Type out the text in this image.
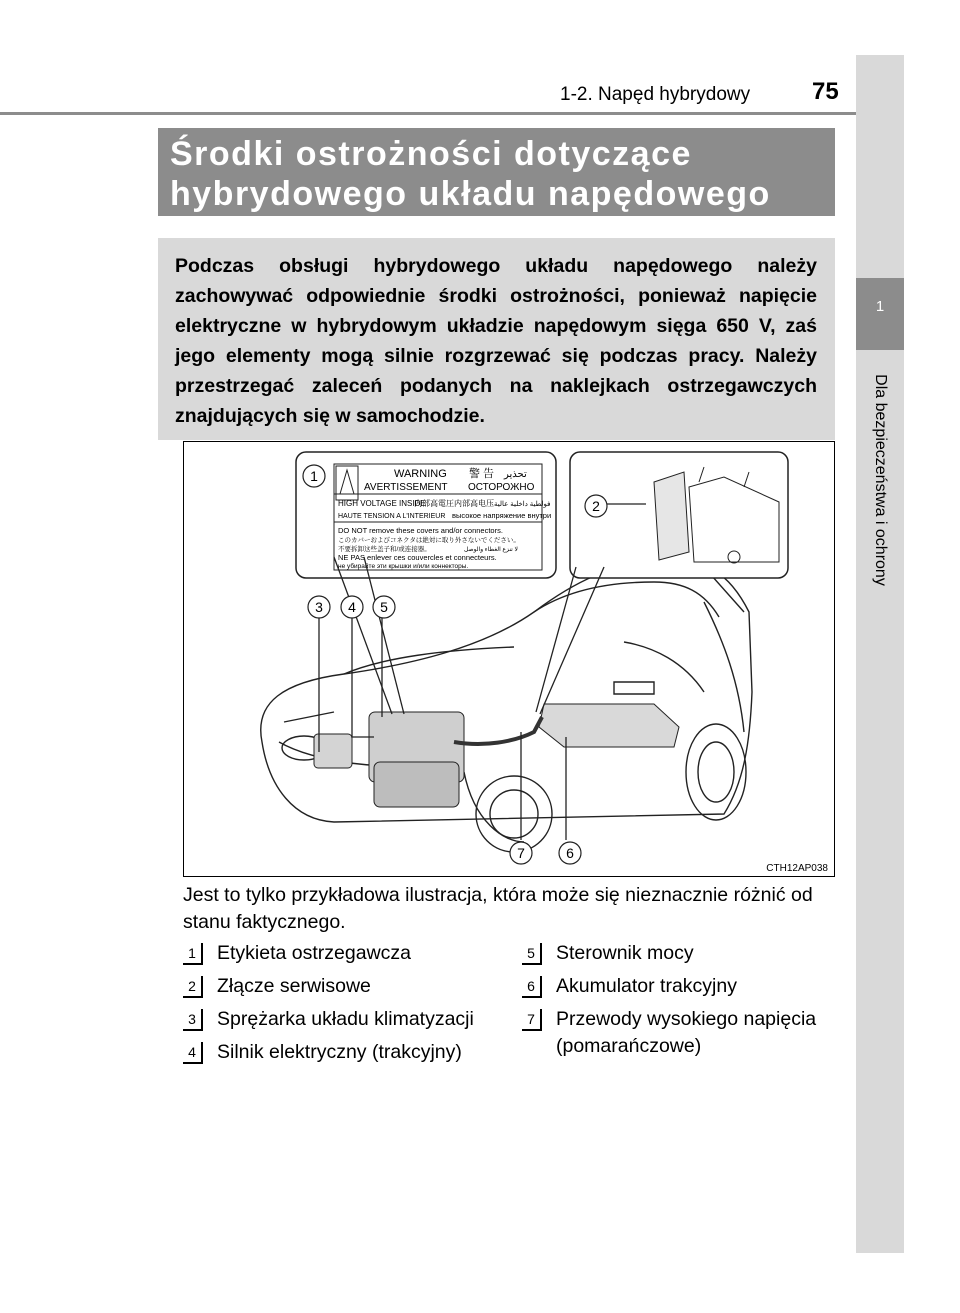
1
Dla bezpieczeństwa i ochrony
1-2. Napęd hybrydowy	75
Środki ostrożności dotyczące
hybrydowego układu napędowego
Podczas obsługi hybrydowego układu napędowego należy zachowywać odpowiednie środki ostrożności, ponieważ napięcie elektryczne w hybrydowym układzie napędowym sięga 650 V, zaś jego elementy mogą silnie rozgrzewać się podczas pracy. Należy przestrzegać zaleceń podanych na naklejkach ostrzegawczych znajdujących się w samochodzie.
WARNING 警 告 تحذير
AVERTISSEMENT ОСТОРОЖНО
HIGH VOLTAGE INSIDE
内部高電圧 内部高电压 فولطية داخلية عالية
HAUTE TENSION A L'INTERIEUR высокое напряжение внутри
DO NOT remove these covers and/or connectors.
このカバーおよびコネクタは絶対に取り外さないでください。
不要拆卸这些盖子和/或连接器。	لا تنزع الغطاء والوصل
NE PAS enlever ces couvercles et connecteurs.
не убирайте эти крышки и/или коннекторы.
1
2
3 4 5
6
7
CTH12AP038
Jest to tylko przykładowa ilustracja, która może się nieznacznie różnić od stanu faktycznego.
1	Etykieta ostrzegawcza
2	Złącze serwisowe
3	Sprężarka układu klimatyzacji
4	Silnik elektryczny (trakcyjny)
5	Sterownik mocy
6	Akumulator trakcyjny
7	Przewody wysokiego napięcia (pomarańczowe)
